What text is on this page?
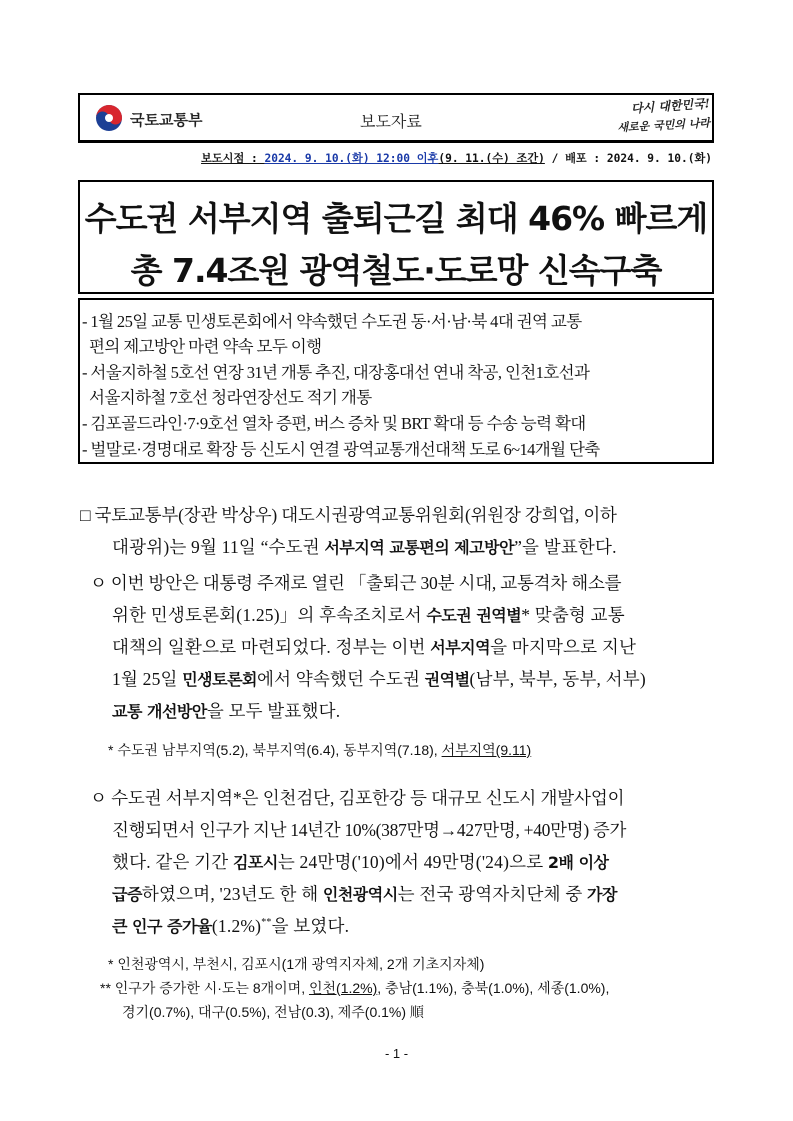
국토교통부	보도자료
다시 대한민국!
새로운 국민의 나라
보도시점 : 2024. 9. 10.(화) 12:00 이후(9. 11.(수) 조간) / 배포 : 2024. 9. 10.(화)
수도권 서부지역 출퇴근길 최대 46% 빠르게
총 7.4조원 광역철도·도로망 신속구축
- 1월 25일 교통 민생토론회에서 약속했던 수도권 동·서·남·북 4대 권역 교통
편의 제고방안 마련 약속 모두 이행
- 서울지하철 5호선 연장 31년 개통 추진, 대장홍대선 연내 착공, 인천1호선과
서울지하철 7호선 청라연장선도 적기 개통
- 김포골드라인·7·9호선 열차 증편, 버스 증차 및 BRT 확대 등 수송 능력 확대
- 벌말로·경명대로 확장 등 신도시 연결 광역교통개선대책 도로 6~14개월 단축
□ 국토교통부(장관 박상우) 대도시권광역교통위원회(위원장 강희업, 이하
대광위)는 9월 11일 “수도권 서부지역 교통편의 제고방안”을 발표한다.
ㅇ 이번 방안은 대통령 주재로 열린 「출퇴근 30분 시대, 교통격차 해소를
위한 민생토론회(1.25)」의 후속조치로서 수도권 권역별* 맞춤형 교통
대책의 일환으로 마련되었다. 정부는 이번 서부지역을 마지막으로 지난
1월 25일 민생토론회에서 약속했던 수도권 권역별(남부, 북부, 동부, 서부)
교통 개선방안을 모두 발표했다.
* 수도권 남부지역(5.2), 북부지역(6.4), 동부지역(7.18), 서부지역(9.11)
ㅇ 수도권 서부지역*은 인천검단, 김포한강 등 대규모 신도시 개발사업이
진행되면서 인구가 지난 14년간 10%(387만명→427만명, +40만명) 증가
했다. 같은 기간 김포시는 24만명('10)에서 49만명('24)으로 2배 이상
급증하였으며, '23년도 한 해 인천광역시는 전국 광역자치단체 중 가장
큰 인구 증가율(1.2%)**을 보였다.
* 인천광역시, 부천시, 김포시(1개 광역지자체, 2개 기초지자체)
** 인구가 증가한 시·도는 8개이며, 인천(1.2%), 충남(1.1%), 충북(1.0%), 세종(1.0%),
경기(0.7%), 대구(0.5%), 전남(0.3), 제주(0.1%) 順
- 1 -
